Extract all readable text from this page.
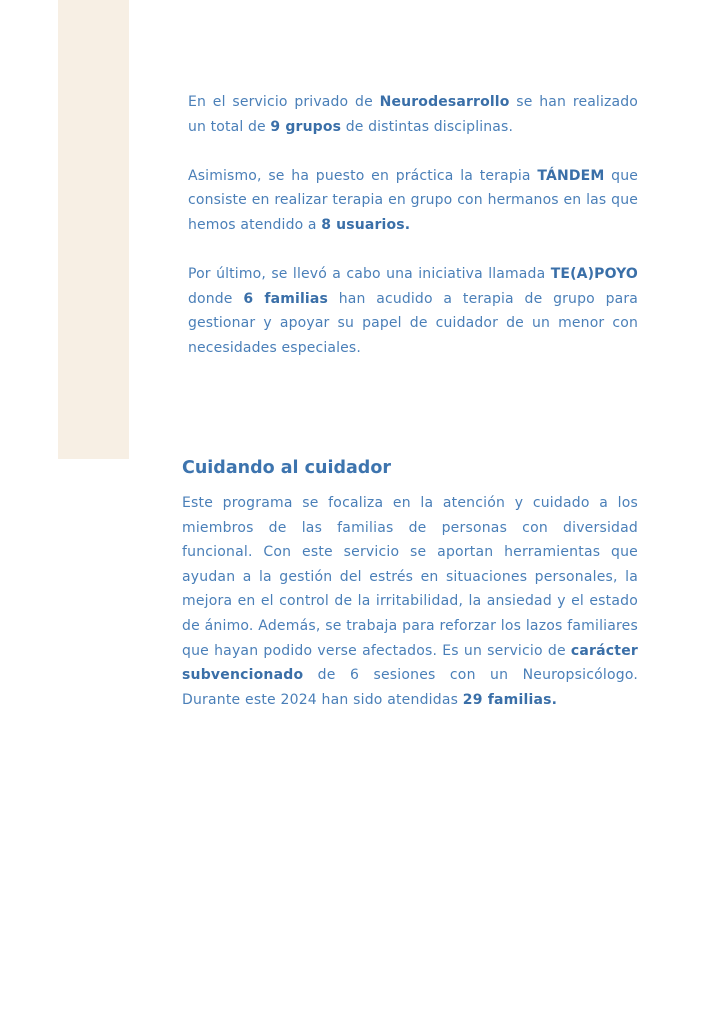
En el servicio privado de Neurodesarrollo se han realizado un total de 9 grupos de distintas disciplinas.

Asimismo, se ha puesto en práctica la terapia TÁNDEM que consiste en realizar terapia en grupo con hermanos en las que hemos atendido a 8 usuarios.

Por último, se llevó a cabo una iniciativa llamada TE(A)POYO donde 6 familias han acudido a terapia de grupo para gestionar y apoyar su papel de cuidador de un menor con necesidades especiales.

Cuidando al cuidador

Este programa se focaliza en la atención y cuidado a los miembros de las familias de personas con diversidad funcional. Con este servicio se aportan herramientas que ayudan a la gestión del estrés en situaciones personales, la mejora en el control de la irritabilidad, la ansiedad y el estado de ánimo. Además, se trabaja para reforzar los lazos familiares que hayan podido verse afectados. Es un servicio de carácter subvencionado de 6 sesiones con un Neuropsicólogo. Durante este 2024 han sido atendidas 29 familias.
